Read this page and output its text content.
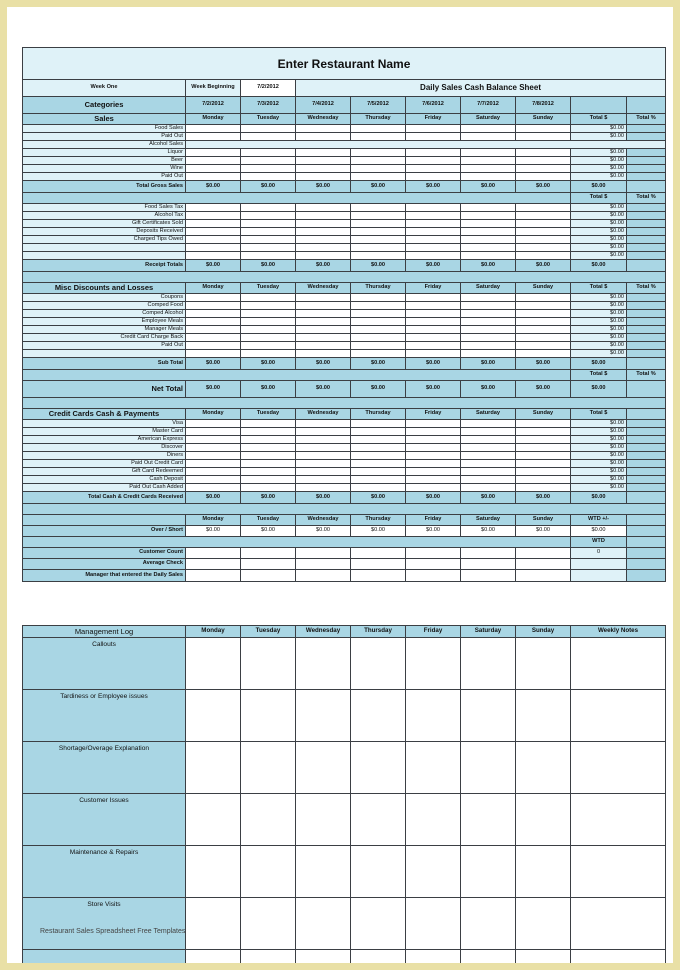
Enter Restaurant Name										
Week One	Week Beginning	7/2/2012	Daily Sales Cash Balance Sheet							
Categories	7/2/2012	7/3/2012	7/4/2012	7/5/2012	7/6/2012	7/7/2012	7/8/2012			
Sales	Monday	Tuesday	Wednesday	Thursday	Friday	Saturday	Sunday	Total $	Total %	
Food Sales								$0.00		
Paid Out								$0.00		
Alcohol Sales										
Liquor								$0.00		
Beer								$0.00		
Wine								$0.00		
Paid Out								$0.00		
Total Gross Sales	$0.00	$0.00	$0.00	$0.00	$0.00	$0.00	$0.00	$0.00		
								Total $	Total %	
Food Sales Tax								$0.00		
Alcohol Tax								$0.00		
Gift Certificates Sold								$0.00		
Deposits Received								$0.00		
Charged Tips Owed								$0.00		
								$0.00		
								$0.00		
Receipt Totals	$0.00	$0.00	$0.00	$0.00	$0.00	$0.00	$0.00	$0.00		

Misc Discounts and Losses	Monday	Tuesday	Wednesday	Thursday	Friday	Saturday	Sunday	Total $	Total %	
Coupons								$0.00		
Comped Food								$0.00		
Comped Alcohol								$0.00		
Employee Meals								$0.00		
Manager Meals								$0.00		
Credit Card Charge Back								$0.00		
Paid Out								$0.00		
								$0.00		
Sub Total	$0.00	$0.00	$0.00	$0.00	$0.00	$0.00	$0.00	$0.00		
								Total $	Total %	
Net Total	$0.00	$0.00	$0.00	$0.00	$0.00	$0.00	$0.00	$0.00		

Credit Cards Cash & Payments	Monday	Tuesday	Wednesday	Thursday	Friday	Saturday	Sunday	Total $		
Visa								$0.00		
Master Card								$0.00		
American Express								$0.00		
Discover								$0.00		
Diners								$0.00		
Paid Out Credit Card								$0.00		
Gift Card Redeemed								$0.00		
Cash Deposit								$0.00		
Paid Out Cash Added								$0.00		
Total Cash & Credit Cards Received	$0.00	$0.00	$0.00	$0.00	$0.00	$0.00	$0.00	$0.00		

	Monday	Tuesday	Wednesday	Thursday	Friday	Saturday	Sunday	WTD +/-		
Over / Short	$0.00	$0.00	$0.00	$0.00	$0.00	$0.00	$0.00	$0.00		
								WTD		
Customer Count								0		
Average Check										
Manager that entered the Daily Sales										
Management Log	Monday	Tuesday	Wednesday	Thursday	Friday	Saturday	Sunday	Weekly Notes
Callouts								
Tardiness or Employee issues								
Shortage/Overage Explanation								
Customer Issues								
Maintenance & Repairs								
Store Visits								

Restaurant Sales Spreadsheet Free Templates
